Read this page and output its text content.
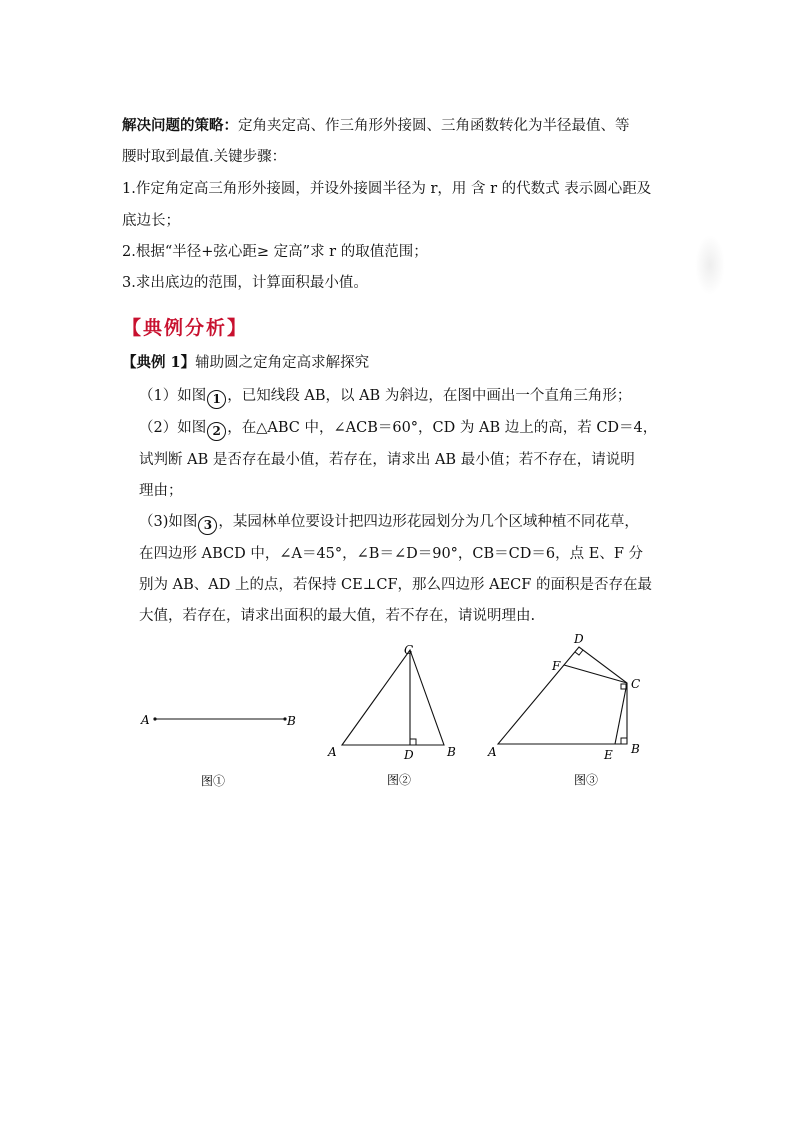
解决问题的策略：定角夹定高、作三角形外接圆、三角函数转化为半径最值、等
腰时取到最值.关键步骤：
1.作定角定高三角形外接圆，并设外接圆半径为 r，用 含 r 的代数式 表示圆心距及
底边长；
2.根据“半径+弦心距≥ 定高”求 r 的取值范围；
3.求出底边的范围，计算面积最小值。
【典例分析】
【典例 1】辅助圆之定角定高求解探究
（1）如图 1 ，已知线段 AB，以 AB 为斜边，在图中画出一个直角三角形；
（2）如图 2 ，在△ABC 中，∠ACB＝60°，CD 为 AB 边上的高，若 CD＝4，
试判断 AB 是否存在最小值，若存在，请求出 AB 最小值；若不存在，请说明
理由；
（3)如图 3 ，某园林单位要设计把四边形花园划分为几个区域种植不同花草，
在四边形 ABCD 中，∠A＝45°，∠B＝∠D＝90°，CB＝CD＝6，点 E、F 分
别为 AB、AD 上的点，若保持 CE⊥CF，那么四边形 AECF 的面积是否存在最
大值，若存在，请求出面积的最大值，若不存在，请说明理由.
A	B
图①
C
A	D	B
图②
D
F
C
A	E B
图③
